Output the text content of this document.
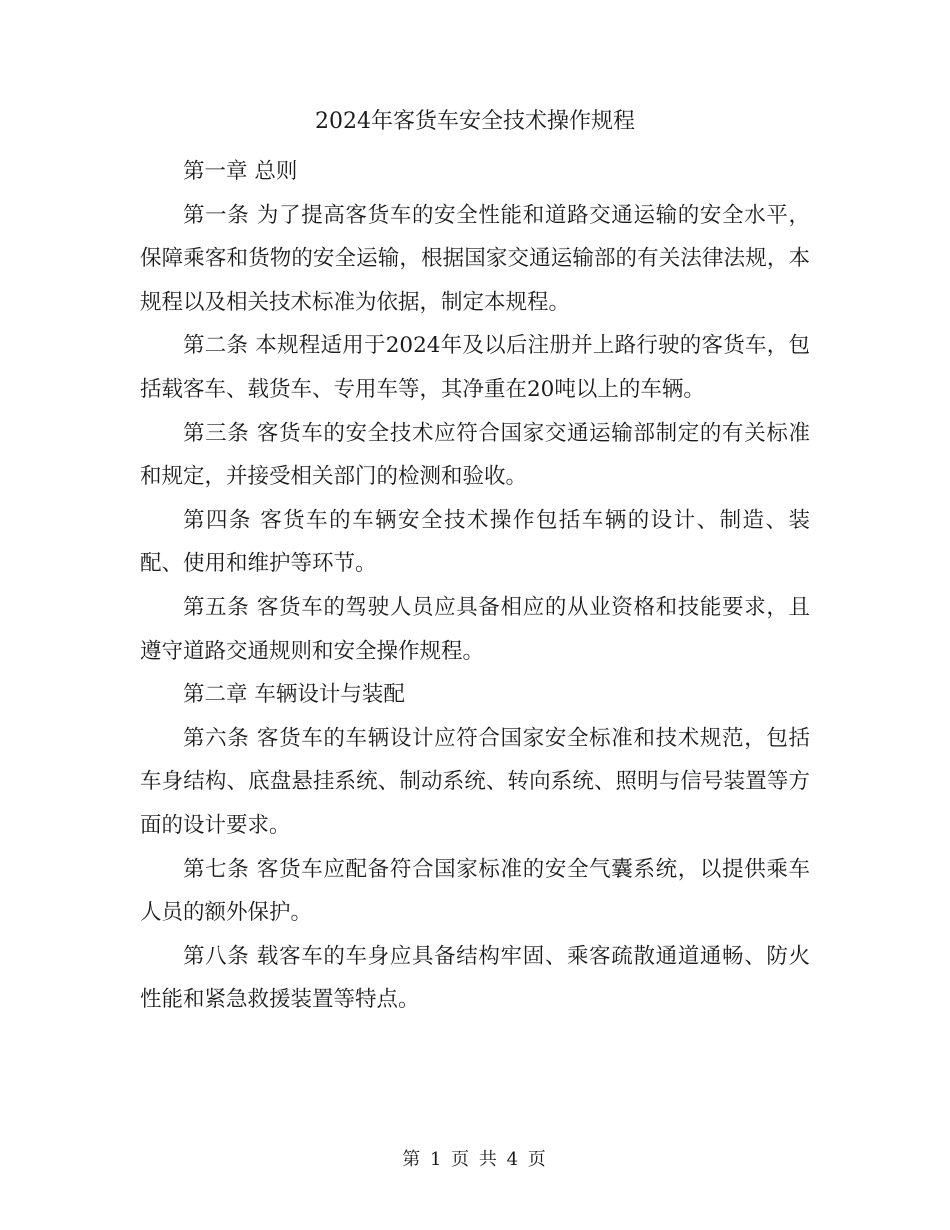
2024年客货车安全技术操作规程

第一章 总则

第一条 为了提高客货车的安全性能和道路交通运输的安全水平，保障乘客和货物的安全运输，根据国家交通运输部的有关法律法规，本规程以及相关技术标准为依据，制定本规程。

第二条 本规程适用于2024年及以后注册并上路行驶的客货车，包括载客车、载货车、专用车等，其净重在20吨以上的车辆。

第三条 客货车的安全技术应符合国家交通运输部制定的有关标准和规定，并接受相关部门的检测和验收。

第四条 客货车的车辆安全技术操作包括车辆的设计、制造、装配、使用和维护等环节。

第五条 客货车的驾驶人员应具备相应的从业资格和技能要求，且遵守道路交通规则和安全操作规程。

第二章 车辆设计与装配

第六条 客货车的车辆设计应符合国家安全标准和技术规范，包括车身结构、底盘悬挂系统、制动系统、转向系统、照明与信号装置等方面的设计要求。

第七条 客货车应配备符合国家标准的安全气囊系统，以提供乘车人员的额外保护。

第八条 载客车的车身应具备结构牢固、乘客疏散通道通畅、防火性能和紧急救援装置等特点。

第 1 页 共 4 页
